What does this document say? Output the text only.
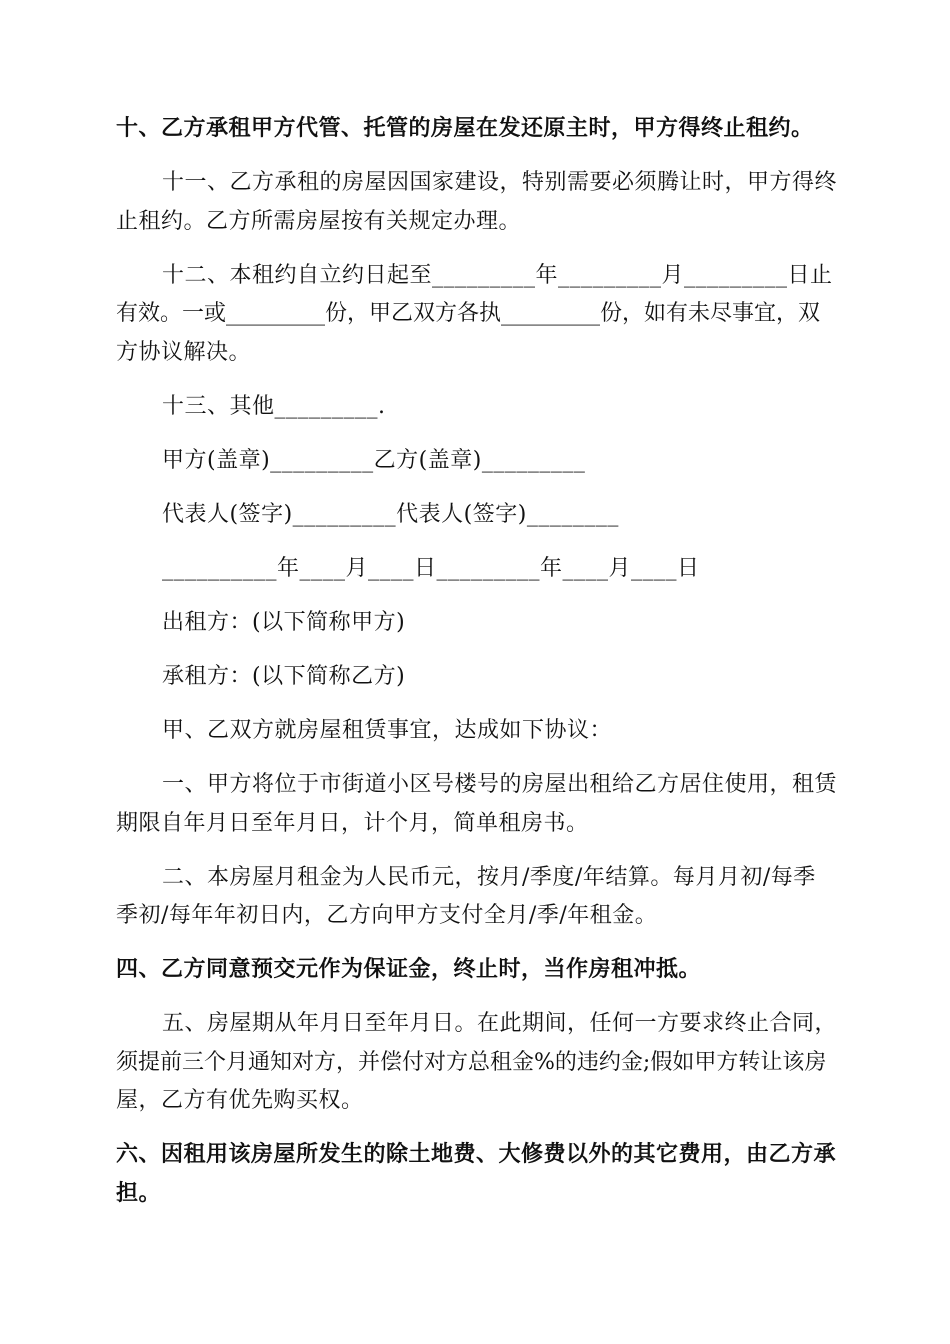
十、乙方承租甲方代管、托管的房屋在发还原主时，甲方得终止租约。
十一、乙方承租的房屋因国家建设，特别需要必须腾让时，甲方得终
止租约。乙方所需房屋按有关规定办理。
十二、本租约自立约日起至_________年_________月_________日止
有效。一或_________份，甲乙双方各执_________份，如有未尽事宜，双
方协议解决。
十三、其他_________.
甲方(盖章)_________乙方(盖章)_________
代表人(签字)_________代表人(签字)________
__________年____月____日_________年____月____日
出租方：(以下简称甲方)
承租方：(以下简称乙方)
甲、乙双方就房屋租赁事宜，达成如下协议：
一、甲方将位于市街道小区号楼号的房屋出租给乙方居住使用，租赁
期限自年月日至年月日，计个月，简单租房书。
二、本房屋月租金为人民币元，按月/季度/年结算。每月月初/每季
季初/每年年初日内，乙方向甲方支付全月/季/年租金。
四、乙方同意预交元作为保证金，终止时，当作房租冲抵。
五、房屋期从年月日至年月日。在此期间，任何一方要求终止合同，
须提前三个月通知对方，并偿付对方总租金%的违约金;假如甲方转让该房
屋，乙方有优先购买权。
六、因租用该房屋所发生的除土地费、大修费以外的其它费用，由乙方承
担。
